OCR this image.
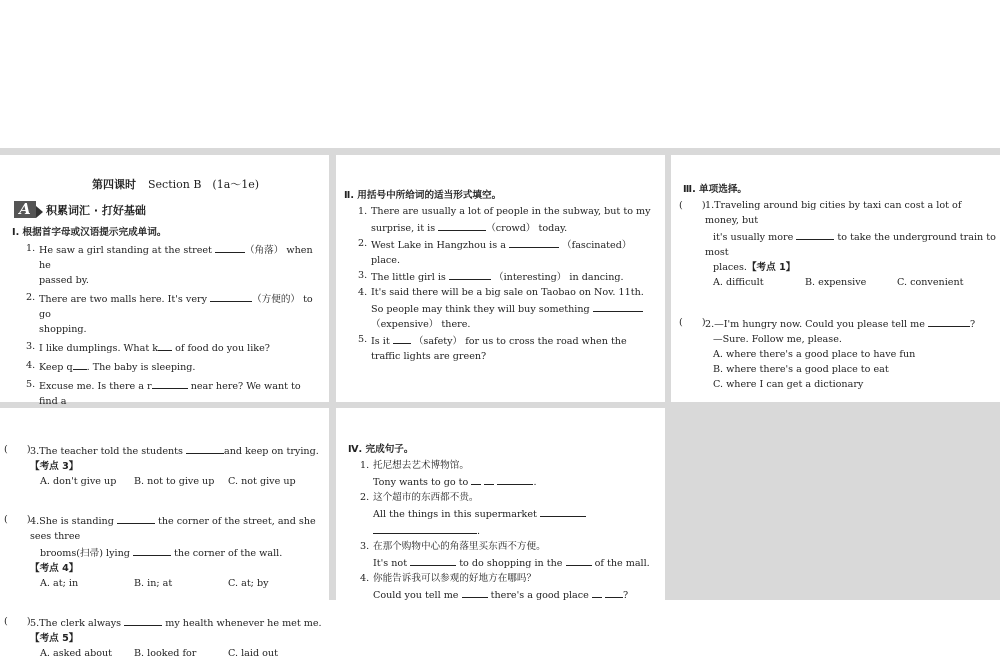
第四课时 Section B　(1a～1e)
A	积累词汇 · 打好基础
Ⅰ. 根据首字母或汉语提示完成单词。
1. He saw a girl standing at the street	（角落） when he
passed by.
2. There are two malls here. It's very	（方便的） to go
shopping.
3. I like dumplings. What k of food do you like?
4. Keep q . The baby is sleeping.
5. Excuse me. Is there a r	near here? We want to find a

Ⅱ. 用括号中所给词的适当形式填空。
1. There are usually a lot of people in the subway, but to my
surprise, it is	（crowd） today.
2. West Lake in Hangzhou is a	（fascinated）
place.
3. The little girl is	（interesting） in dancing.
4. It's said there will be a big sale on Taobao on Nov. 11th.
So people may think they will buy something
（expensive） there.
5. Is it	（safety） for us to cross the road when the
traffic lights are green?
Ⅲ. 单项选择。
(　　) 1.Traveling around big cities by taxi can cost a lot of money, but
it's usually more	to take the underground train to most
places.【考点 1】
A. difficult	B. expensive	C. convenient
(　　) 2.—I'm hungry now. Could you please tell me	?
—Sure. Follow me, please.
A. where there's a good place to have fun
B. where there's a good place to eat
C. where I can get a dictionary
(　　) 3.The teacher told the students	and keep on trying.【考点 3】
A. don't give up	B. not to give up	C. not give up
(　　) 4.She is standing	the corner of the street, and she sees three
brooms(扫帚) lying	the corner of the wall.【考点 4】
A. at; in	B. in; at	C. at; by
(　　) 5.The clerk always	my health whenever he met me.【考点 5】
A. asked about	B. looked for	C. laid out
Ⅳ. 完成句子。
1. 托尼想去艺术博物馆。
Tony wants to go to	.
2. 这个超市的东西都不贵。
All the things in this supermarket
.
3. 在那个购物中心的角落里买东西不方便。
It's not	to do shopping in the	of the mall.
4. 你能告诉我可以参观的好地方在哪吗？
Could you tell me	there's a good place	?
